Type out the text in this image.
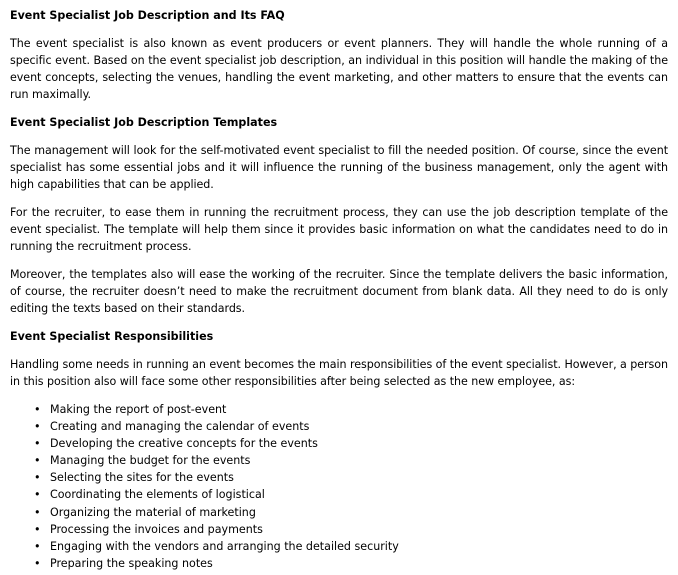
Event Specialist Job Description and Its FAQ

The event specialist is also known as event producers or event planners. They will handle the whole running of a specific event. Based on the event specialist job description, an individual in this position will handle the making of the event concepts, selecting the venues, handling the event marketing, and other matters to ensure that the events can run maximally.

Event Specialist Job Description Templates

The management will look for the self-motivated event specialist to fill the needed position. Of course, since the event specialist has some essential jobs and it will influence the running of the business management, only the agent with high capabilities that can be applied.

For the recruiter, to ease them in running the recruitment process, they can use the job description template of the event specialist. The template will help them since it provides basic information on what the candidates need to do in running the recruitment process.

Moreover, the templates also will ease the working of the recruiter. Since the template delivers the basic information, of course, the recruiter doesn’t need to make the recruitment document from blank data. All they need to do is only editing the texts based on their standards.

Event Specialist Responsibilities

Handling some needs in running an event becomes the main responsibilities of the event specialist. However, a person in this position also will face some other responsibilities after being selected as the new employee, as:

• Making the report of post-event
• Creating and managing the calendar of events
• Developing the creative concepts for the events
• Managing the budget for the events
• Selecting the sites for the events
• Coordinating the elements of logistical
• Organizing the material of marketing
• Processing the invoices and payments
• Engaging with the vendors and arranging the detailed security
• Preparing the speaking notes
